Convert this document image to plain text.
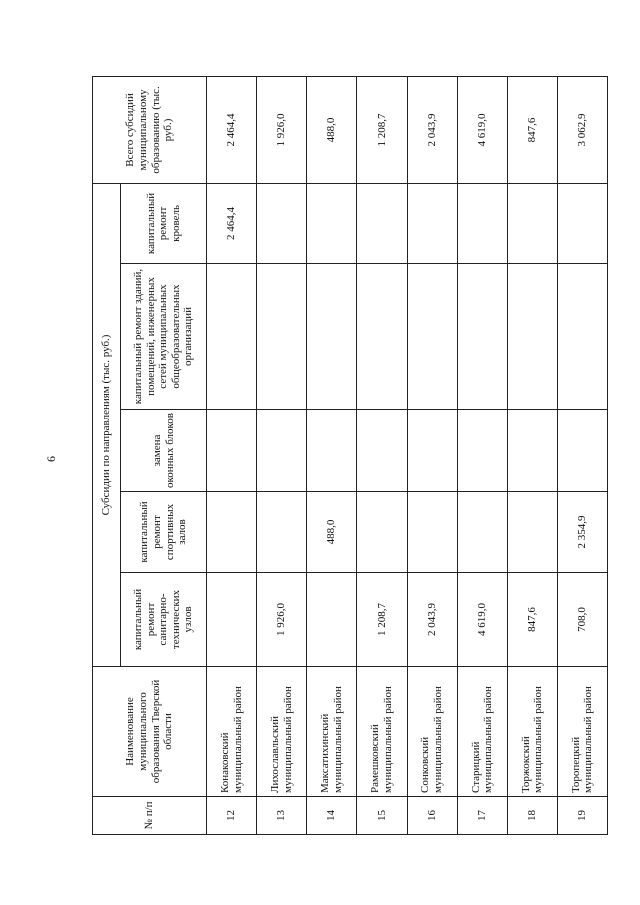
6
№ п/п	Наименование муниципального образования Тверской области	Субсидии по направлениям (тыс. руб.)					Всего субсидий муниципальному образованию (тыс. руб.)
		капитальный ремонт санитарно-технических узлов	капитальный ремонт спортивных залов	замена оконных блоков	капитальный ремонт зданий, помещений, инженерных сетей муниципальных общеобразовательных организаций	капитальный ремонт кровель	
12	Конаковский муниципальный район					2 464,4	2 464,4
13	Лихославльский муниципальный район	1 926,0					1 926,0
14	Максатихинский муниципальный район		488,0				488,0
15	Рамешковский муниципальный район	1 208,7					1 208,7
16	Сонковский муниципальный район	2 043,9					2 043,9
17	Старицкий муниципальный район	4 619,0					4 619,0
18	Торжокский муниципальный район	847,6					847,6
19	Торопецкий муниципальный район	708,0	2 354,9				3 062,9
